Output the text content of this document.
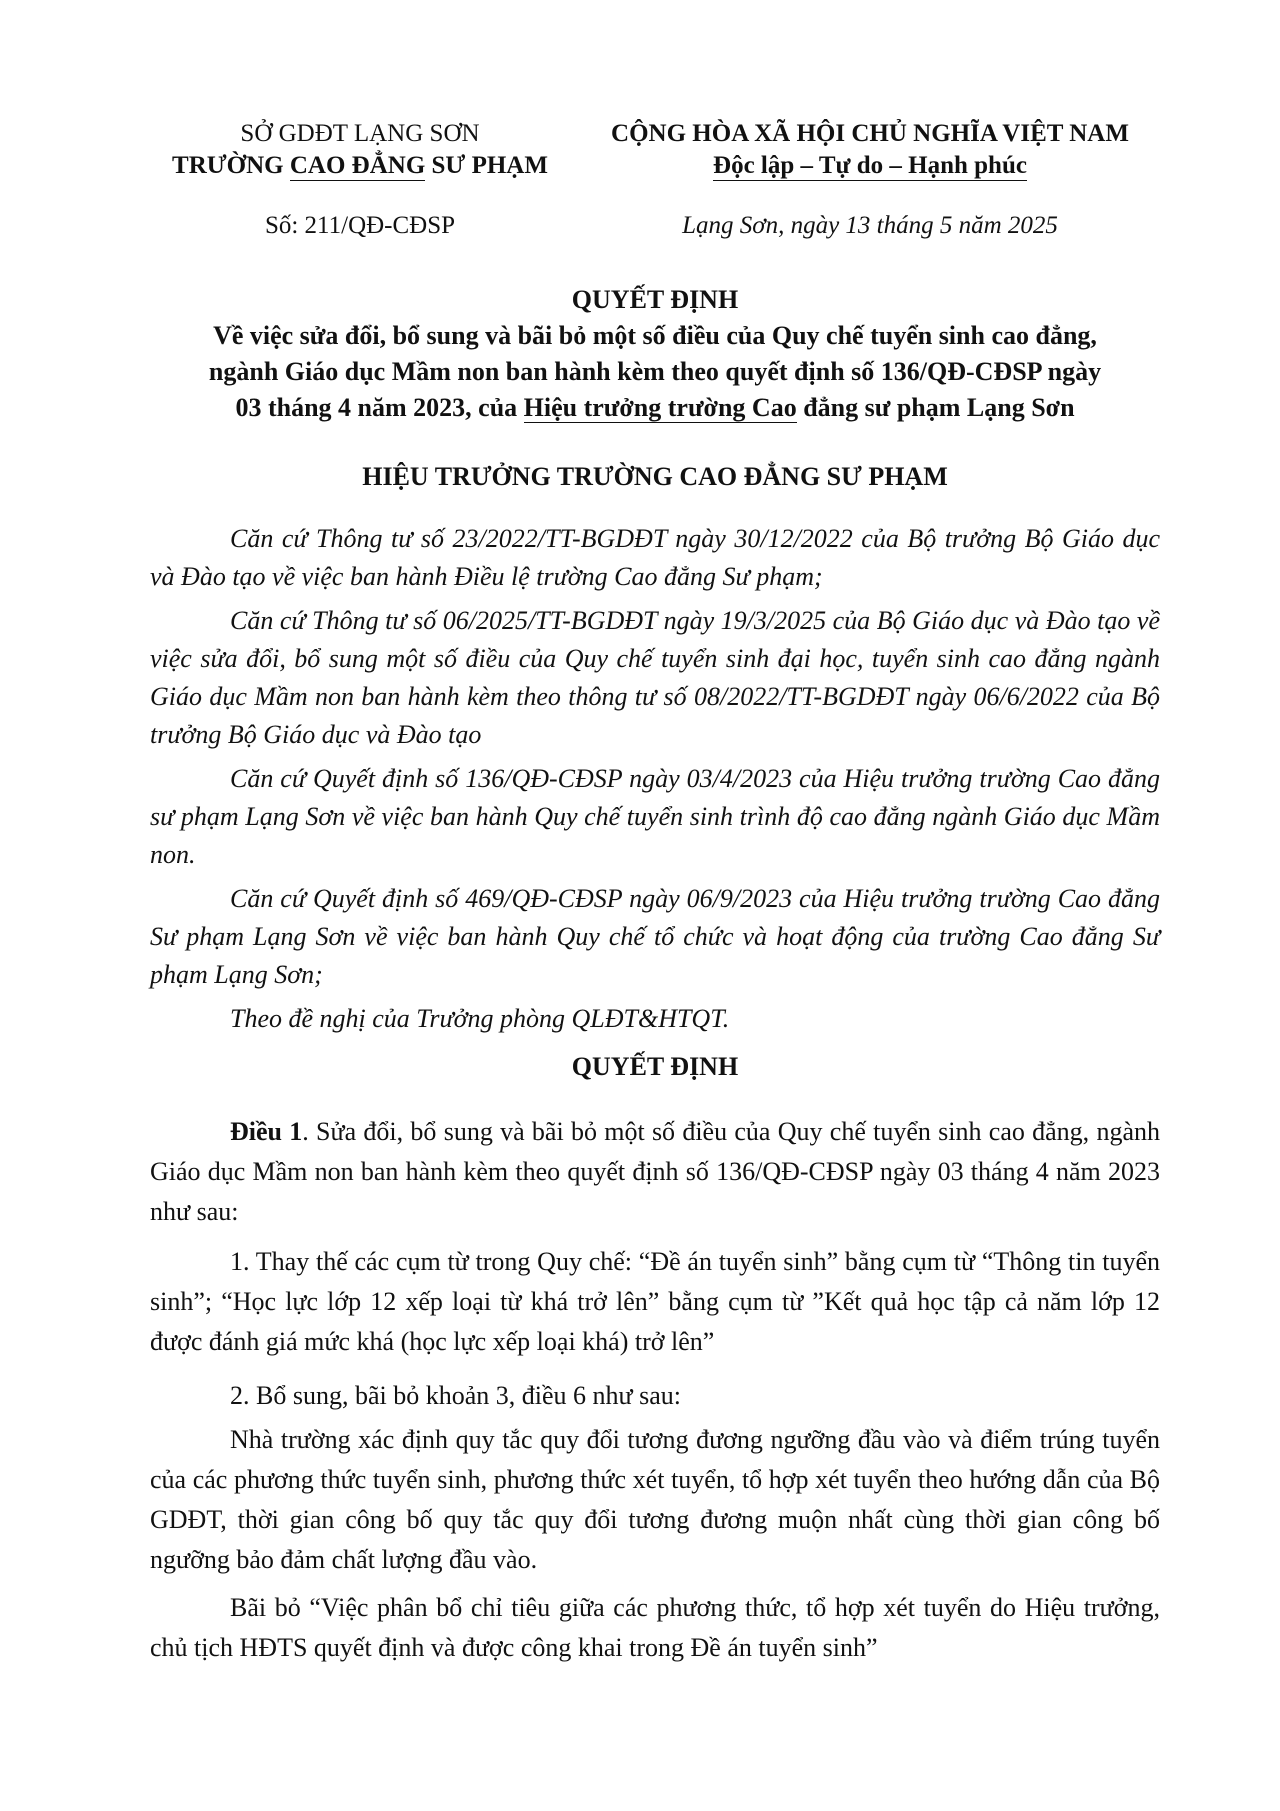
SỞ GDĐT LẠNG SƠN
TRƯỜNG CAO ĐẲNG SƯ PHẠM
CỘNG HÒA XÃ HỘI CHỦ NGHĨA VIỆT NAM
Độc lập – Tự do – Hạnh phúc
Số: 211/QĐ-CĐSP	Lạng Sơn, ngày 13 tháng 5 năm 2025
QUYẾT ĐỊNH
Về việc sửa đổi, bổ sung và bãi bỏ một số điều của Quy chế tuyển sinh cao đẳng,
ngành Giáo dục Mầm non ban hành kèm theo quyết định số 136/QĐ-CĐSP ngày
03 tháng 4 năm 2023, của Hiệu trưởng trường Cao đẳng sư phạm Lạng Sơn
HIỆU TRƯỞNG TRƯỜNG CAO ĐẲNG SƯ PHẠM

Căn cứ Thông tư số 23/2022/TT-BGDĐT ngày 30/12/2022 của Bộ trưởng Bộ Giáo dục và Đào tạo về việc ban hành Điều lệ trường Cao đẳng Sư phạm;

Căn cứ Thông tư số 06/2025/TT-BGDĐT ngày 19/3/2025 của Bộ Giáo dục và Đào tạo về việc sửa đổi, bổ sung một số điều của Quy chế tuyển sinh đại học, tuyển sinh cao đẳng ngành Giáo dục Mầm non ban hành kèm theo thông tư số 08/2022/TT-BGDĐT ngày 06/6/2022 của Bộ trưởng Bộ Giáo dục và Đào tạo

Căn cứ Quyết định số 136/QĐ-CĐSP ngày 03/4/2023 của Hiệu trưởng trường Cao đẳng sư phạm Lạng Sơn về việc ban hành Quy chế tuyển sinh trình độ cao đẳng ngành Giáo dục Mầm non.

Căn cứ Quyết định số 469/QĐ-CĐSP ngày 06/9/2023 của Hiệu trưởng trường Cao đẳng Sư phạm Lạng Sơn về việc ban hành Quy chế tổ chức và hoạt động của trường Cao đẳng Sư phạm Lạng Sơn;

Theo đề nghị của Trưởng phòng QLĐT&HTQT.

QUYẾT ĐỊNH

Điều 1. Sửa đổi, bổ sung và bãi bỏ một số điều của Quy chế tuyển sinh cao đẳng, ngành Giáo dục Mầm non ban hành kèm theo quyết định số 136/QĐ-CĐSP ngày 03 tháng 4 năm 2023 như sau:

1. Thay thế các cụm từ trong Quy chế: “Đề án tuyển sinh” bằng cụm từ “Thông tin tuyển sinh”; “Học lực lớp 12 xếp loại từ khá trở lên” bằng cụm từ ”Kết quả học tập cả năm lớp 12 được đánh giá mức khá (học lực xếp loại khá) trở lên”

2. Bổ sung, bãi bỏ khoản 3, điều 6 như sau:

Nhà trường xác định quy tắc quy đổi tương đương ngưỡng đầu vào và điểm trúng tuyển của các phương thức tuyển sinh, phương thức xét tuyển, tổ hợp xét tuyển theo hướng dẫn của Bộ GDĐT, thời gian công bố quy tắc quy đổi tương đương muộn nhất cùng thời gian công bố ngưỡng bảo đảm chất lượng đầu vào.

Bãi bỏ “Việc phân bổ chỉ tiêu giữa các phương thức, tổ hợp xét tuyển do Hiệu trưởng, chủ tịch HĐTS quyết định và được công khai trong Đề án tuyển sinh”
